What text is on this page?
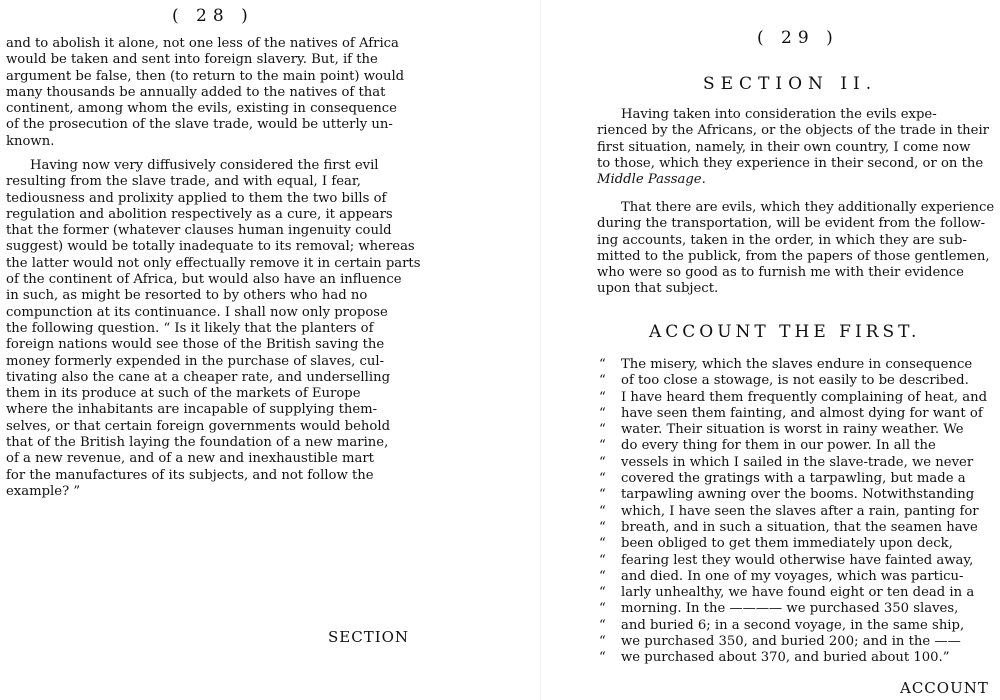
( 28 )
and to abolish it alone, not one less of the natives of Africa
would be taken and sent into foreign slavery. But, if the
argument be false, then (to return to the main point) would
many thousands be annually added to the natives of that
continent, among whom the evils, existing in consequence
of the prosecution of the slave trade, would be utterly un-
known.
Having now very diffusively considered the first evil
resulting from the slave trade, and with equal, I fear,
tediousness and prolixity applied to them the two bills of
regulation and abolition respectively as a cure, it appears
that the former (whatever clauses human ingenuity could
suggest) would be totally inadequate to its removal; whereas
the latter would not only effectually remove it in certain parts
of the continent of Africa, but would also have an influence
in such, as might be resorted to by others who had no
compunction at its continuance. I shall now only propose
the following question. “ Is it likely that the planters of
foreign nations would see those of the British saving the
money formerly expended in the purchase of slaves, cul-
tivating also the cane at a cheaper rate, and underselling
them in its produce at such of the markets of Europe
where the inhabitants are incapable of supplying them-
selves, or that certain foreign governments would behold
that of the British laying the foundation of a new marine,
of a new revenue, and of a new and inexhaustible mart
for the manufactures of its subjects, and not follow the
example? ”
SECTION
( 29 )
SECTION II.
Having taken into consideration the evils expe-
rienced by the Africans, or the objects of the trade in their
first situation, namely, in their own country, I come now
to those, which they experience in their second, or on the
Middle Passage.
That there are evils, which they additionally experience
during the transportation, will be evident from the follow-
ing accounts, taken in the order, in which they are sub-
mitted to the publick, from the papers of those gentlemen,
who were so good as to furnish me with their evidence
upon that subject.
ACCOUNT THE FIRST.
“ The misery, which the slaves endure in consequence
“ of too close a stowage, is not easily to be described.
“ I have heard them frequently complaining of heat, and
“ have seen them fainting, and almost dying for want of
“ water. Their situation is worst in rainy weather. We
“ do every thing for them in our power. In all the
“ vessels in which I sailed in the slave-trade, we never
“ covered the gratings with a tarpawling, but made a
“ tarpawling awning over the booms. Notwithstanding
“ which, I have seen the slaves after a rain, panting for
“ breath, and in such a situation, that the seamen have
“ been obliged to get them immediately upon deck,
“ fearing lest they would otherwise have fainted away,
“ and died. In one of my voyages, which was particu-
“ larly unhealthy, we have found eight or ten dead in a
“ morning. In the ———— we purchased 350 slaves,
“ and buried 6; in a second voyage, in the same ship,
“ we purchased 350, and buried 200; and in the ——
“ we purchased about 370, and buried about 100.”
ACCOUNT
